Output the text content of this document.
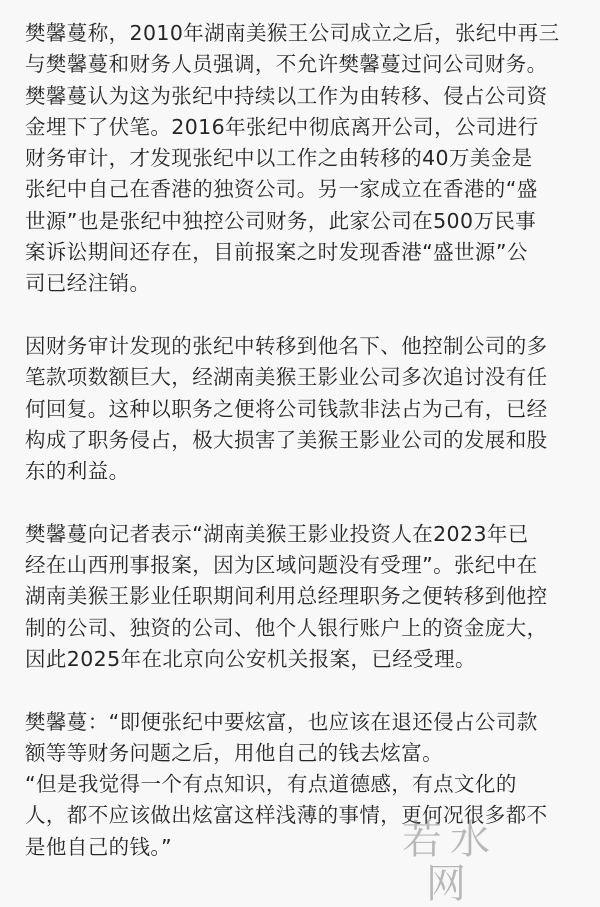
樊馨蔓称，2010年湖南美猴王公司成立之后，张纪中再三
与樊馨蔓和财务人员强调，不允许樊馨蔓过问公司财务。
樊馨蔓认为这为张纪中持续以工作为由转移、侵占公司资
金埋下了伏笔。2016年张纪中彻底离开公司，公司进行
财务审计，才发现张纪中以工作之由转移的40万美金是
张纪中自己在香港的独资公司。另一家成立在香港的“盛
世源”也是张纪中独控公司财务，此家公司在500万民事
案诉讼期间还存在，目前报案之时发现香港“盛世源”公
司已经注销。

因财务审计发现的张纪中转移到他名下、他控制公司的多
笔款项数额巨大，经湖南美猴王影业公司多次追讨没有任
何回复。这种以职务之便将公司钱款非法占为己有，已经
构成了职务侵占，极大损害了美猴王影业公司的发展和股
东的利益。

樊馨蔓向记者表示“湖南美猴王影业投资人在2023年已
经在山西刑事报案，因为区域问题没有受理”。张纪中在
湖南美猴王影业任职期间利用总经理职务之便转移到他控
制的公司、独资的公司、他个人银行账户上的资金庞大，
因此2025年在北京向公安机关报案，已经受理。

樊馨蔓：“即便张纪中要炫富，也应该在退还侵占公司款
额等等财务问题之后，用他自己的钱去炫富。
“但是我觉得一个有点知识，有点道德感，有点文化的
人，都不应该做出炫富这样浅薄的事情，更何况很多都不
是他自己的钱。”	若水网
